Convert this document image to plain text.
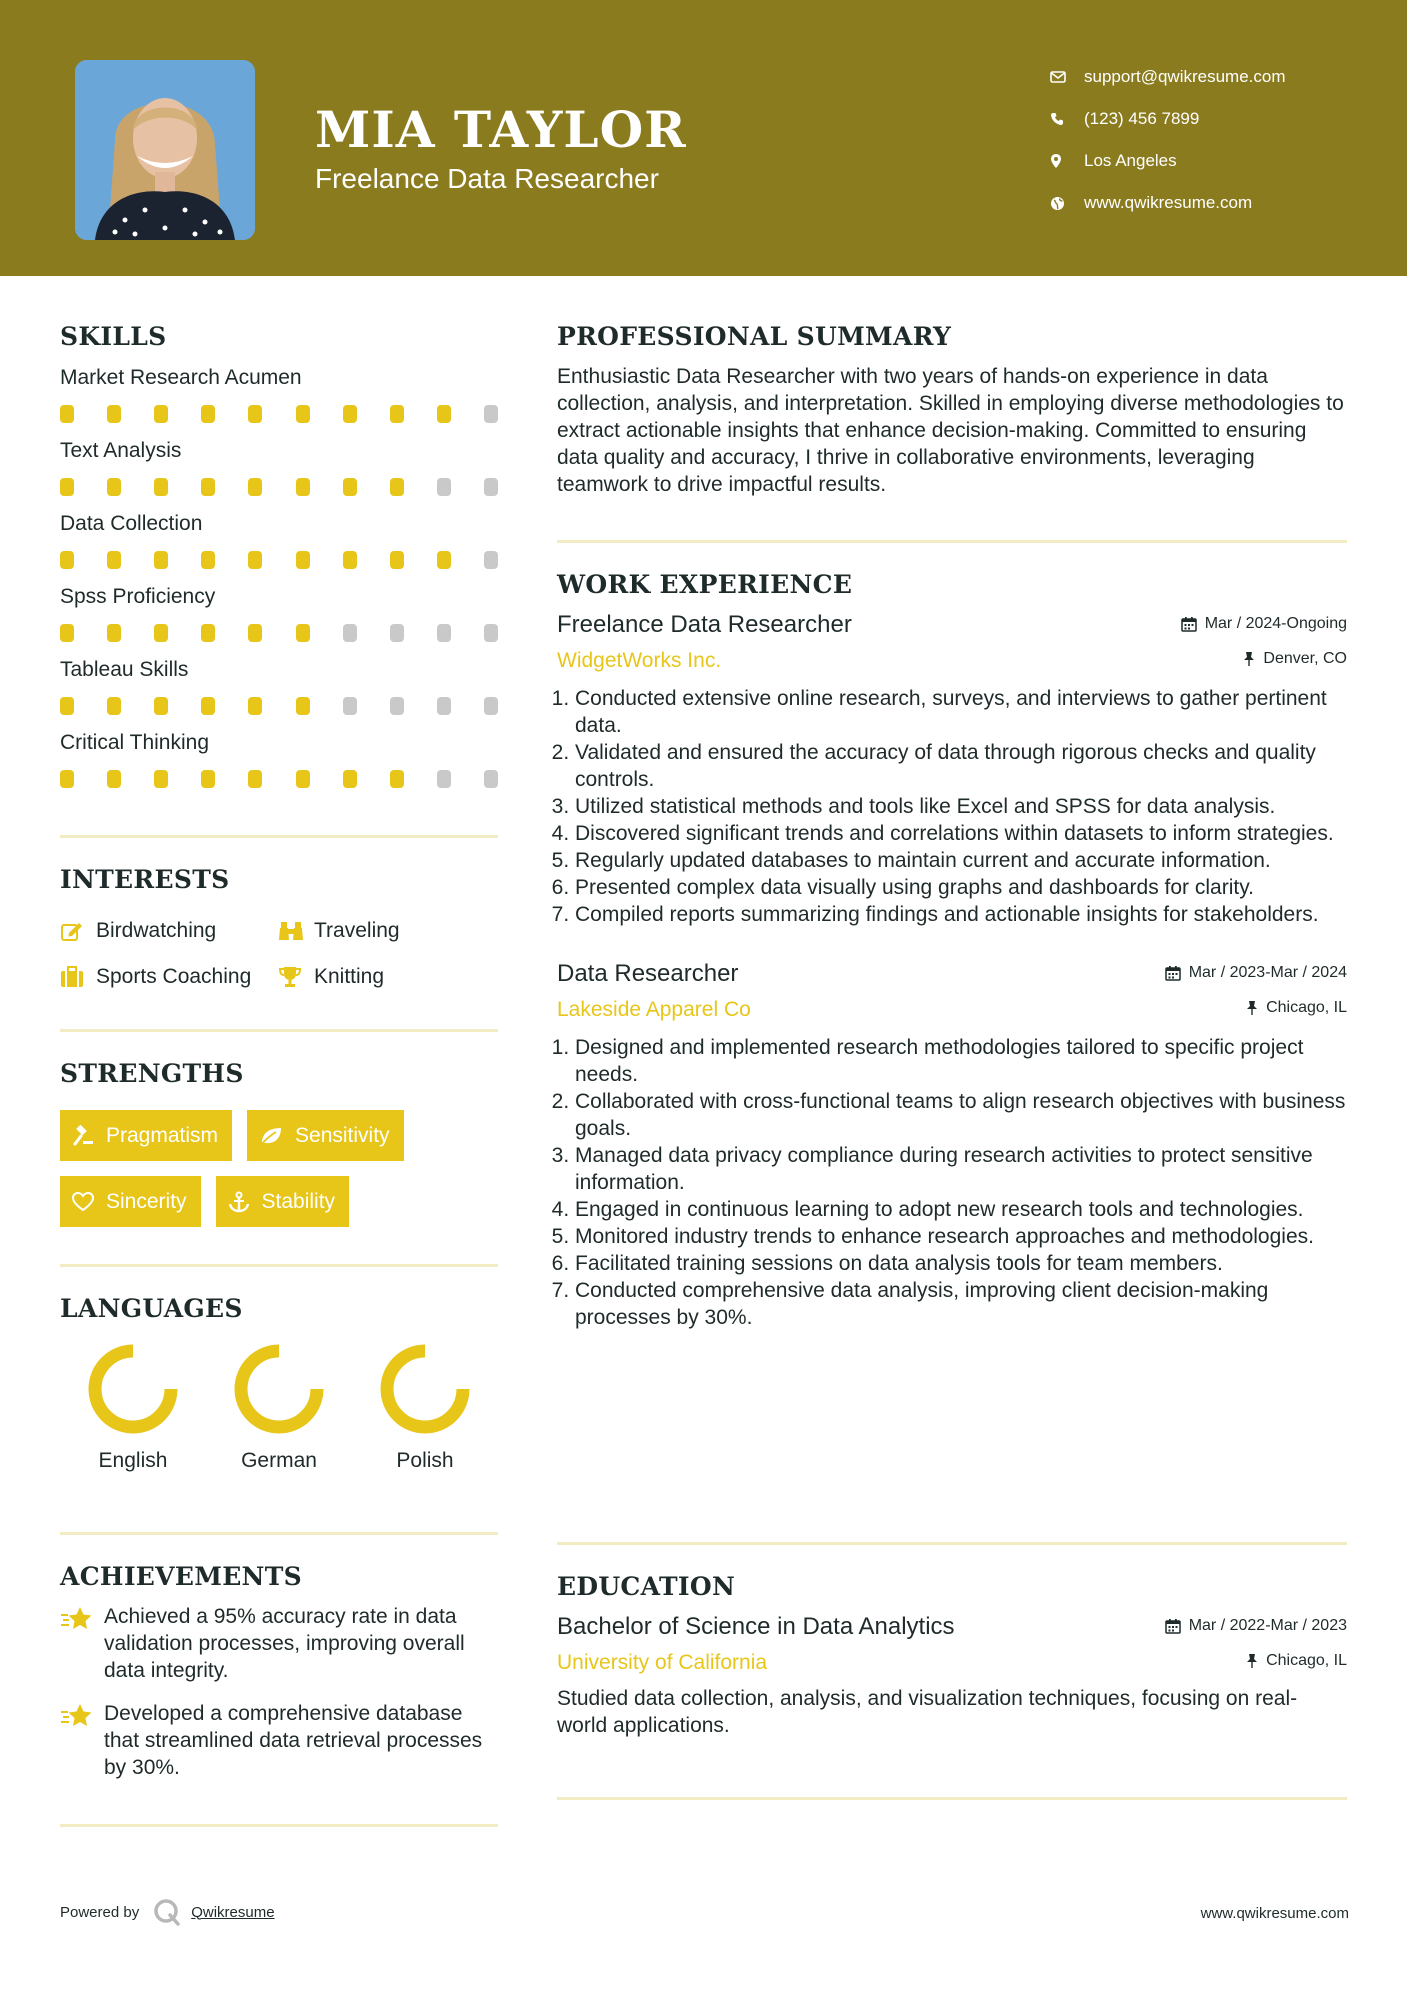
MIA TAYLOR
Freelance Data Researcher
support@qwikresume.com
(123) 456 7899
Los Angeles
www.qwikresume.com
SKILLS
Market Research Acumen
Text Analysis
Data Collection
Spss Proficiency
Tableau Skills
Critical Thinking
INTERESTS
Birdwatching	Traveling
Sports Coaching	Knitting
STRENGTHS
Pragmatism	Sensitivity
Sincerity	Stability
LANGUAGES
English	German	Polish
ACHIEVEMENTS
Achieved a 95% accuracy rate in data validation processes, improving overall data integrity.
Developed a comprehensive database that streamlined data retrieval processes by 30%.
PROFESSIONAL SUMMARY
Enthusiastic Data Researcher with two years of hands-on experience in data collection, analysis, and interpretation. Skilled in employing diverse methodologies to extract actionable insights that enhance decision-making. Committed to ensuring data quality and accuracy, I thrive in collaborative environments, leveraging teamwork to drive impactful results.
WORK EXPERIENCE
Freelance Data Researcher	Mar / 2024-Ongoing
WidgetWorks Inc.	Denver, CO
1. Conducted extensive online research, surveys, and interviews to gather pertinent data.
2. Validated and ensured the accuracy of data through rigorous checks and quality controls.
3. Utilized statistical methods and tools like Excel and SPSS for data analysis.
4. Discovered significant trends and correlations within datasets to inform strategies.
5. Regularly updated databases to maintain current and accurate information.
6. Presented complex data visually using graphs and dashboards for clarity.
7. Compiled reports summarizing findings and actionable insights for stakeholders.
Data Researcher	Mar / 2023-Mar / 2024
Lakeside Apparel Co	Chicago, IL
1. Designed and implemented research methodologies tailored to specific project needs.
2. Collaborated with cross-functional teams to align research objectives with business goals.
3. Managed data privacy compliance during research activities to protect sensitive information.
4. Engaged in continuous learning to adopt new research tools and technologies.
5. Monitored industry trends to enhance research approaches and methodologies.
6. Facilitated training sessions on data analysis tools for team members.
7. Conducted comprehensive data analysis, improving client decision-making processes by 30%.
EDUCATION
Bachelor of Science in Data Analytics	Mar / 2022-Mar / 2023
University of California	Chicago, IL
Studied data collection, analysis, and visualization techniques, focusing on real-world applications.
Powered by	Qwikresume	www.qwikresume.com
